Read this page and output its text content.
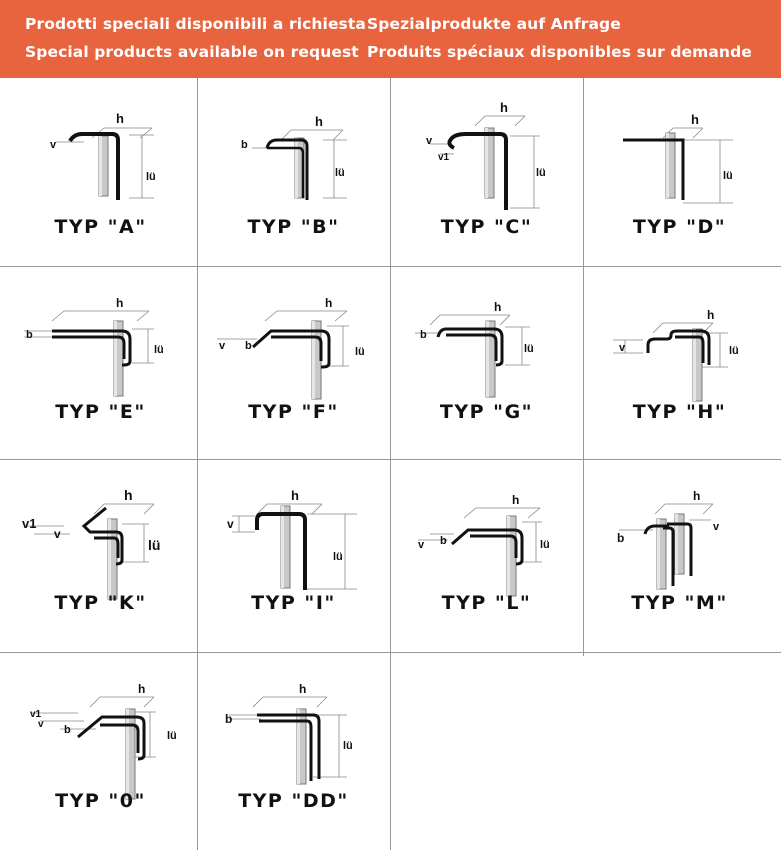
Prodotti speciali disponibili a richiesta
Special products available on request
Spezialprodukte auf Anfrage
Produits spéciaux disponibles sur demande
h
v
lü
TYP "A"
h
b
lü
TYP "B"
h
v
v1
lü
TYP "C"
h
lü
TYP "D"
h
b
lü
TYP "E"
h
v b	lü
TYP "F"
h
b
lü
TYP "G"
h
v	lü
TYP "H"
h
v1
v
lü
TYP "K"
h
v
lü
TYP "I"
h
v b	lü
TYP "L"
h
b
v
TYP "M"
h
v1
v b	lü
TYP "0"
h
b
lü
TYP "DD"
